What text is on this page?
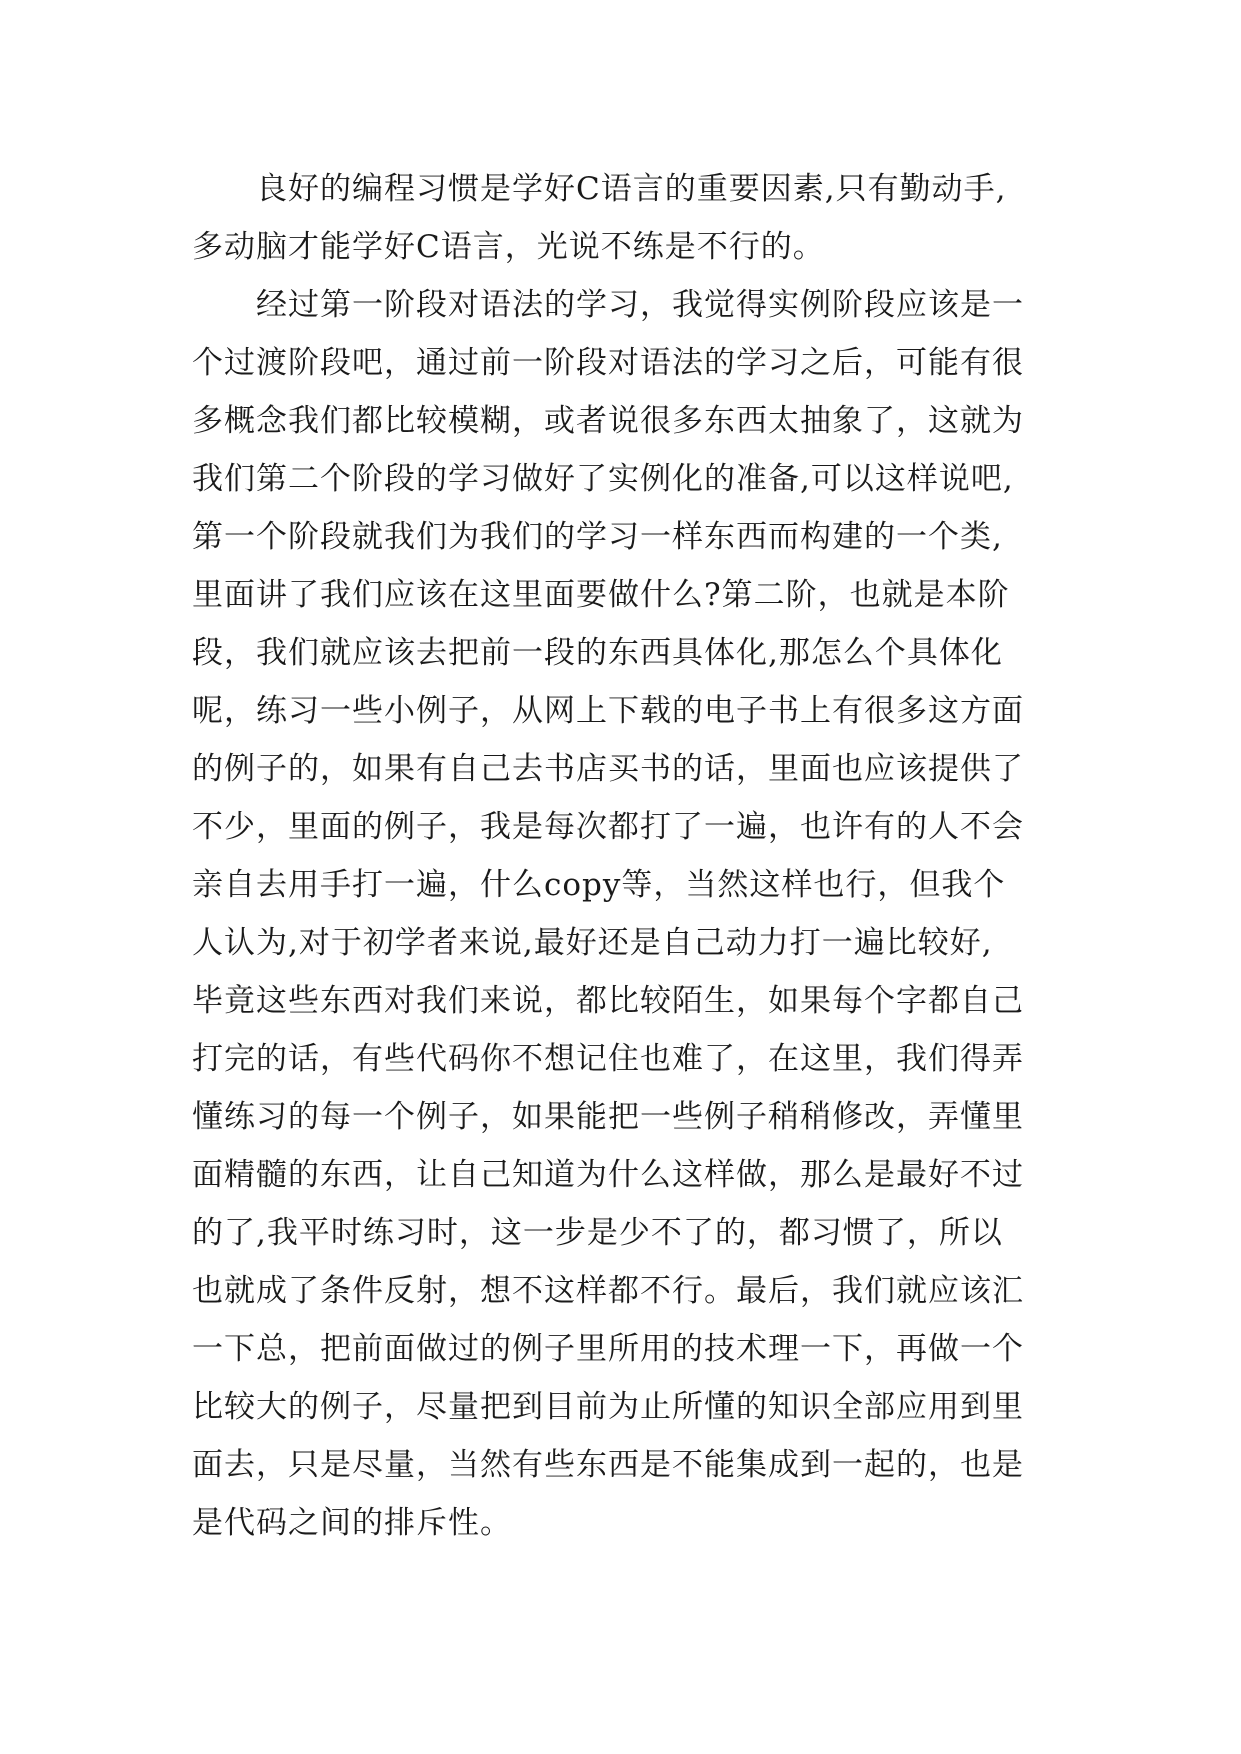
良好的编程习惯是学好C语言的重要因素,只有勤动手,
多动脑才能学好C语言，光说不练是不行的。
经过第一阶段对语法的学习，我觉得实例阶段应该是一
个过渡阶段吧，通过前一阶段对语法的学习之后，可能有很
多概念我们都比较模糊，或者说很多东西太抽象了，这就为
我们第二个阶段的学习做好了实例化的准备,可以这样说吧,
第一个阶段就我们为我们的学习一样东西而构建的一个类,
里面讲了我们应该在这里面要做什么?第二阶，也就是本阶
段，我们就应该去把前一段的东西具体化,那怎么个具体化
呢，练习一些小例子，从网上下载的电子书上有很多这方面
的例子的，如果有自己去书店买书的话，里面也应该提供了
不少，里面的例子，我是每次都打了一遍，也许有的人不会
亲自去用手打一遍，什么copy等，当然这样也行，但我个
人认为,对于初学者来说,最好还是自己动力打一遍比较好,
毕竟这些东西对我们来说，都比较陌生，如果每个字都自己
打完的话，有些代码你不想记住也难了，在这里，我们得弄
懂练习的每一个例子，如果能把一些例子稍稍修改，弄懂里
面精髓的东西，让自己知道为什么这样做，那么是最好不过
的了,我平时练习时，这一步是少不了的，都习惯了，所以
也就成了条件反射，想不这样都不行。最后，我们就应该汇
一下总，把前面做过的例子里所用的技术理一下，再做一个
比较大的例子，尽量把到目前为止所懂的知识全部应用到里
面去，只是尽量，当然有些东西是不能集成到一起的，也是
是代码之间的排斥性。
